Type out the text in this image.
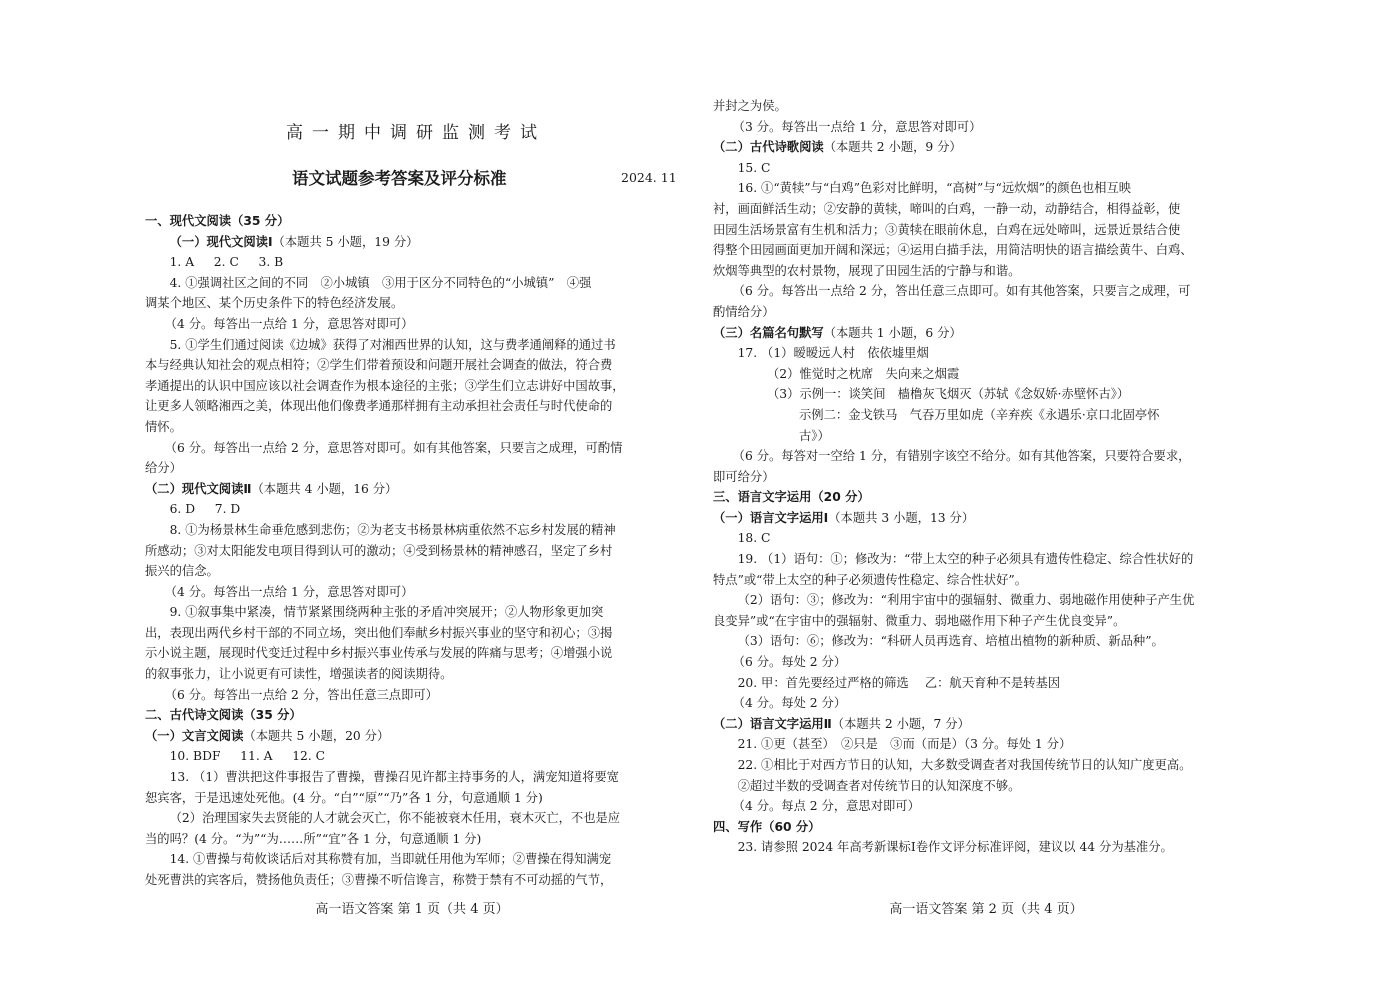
高一期中调研监测考试
语文试题参考答案及评分标准	2024. 11

一、现代文阅读（35 分）

（一）现代文阅读Ⅰ（本题共 5 小题，19 分）

1. A 2. C 3. B

4. ①强调社区之间的不同　②小城镇　③用于区分不同特色的“小城镇”　④强

调某个地区、某个历史条件下的特色经济发展。

（4 分。每答出一点给 1 分，意思答对即可）

5. ①学生们通过阅读《边城》获得了对湘西世界的认知，这与费孝通阐释的通过书

本与经典认知社会的观点相符；②学生们带着预设和问题开展社会调查的做法，符合费

孝通提出的认识中国应该以社会调查作为根本途径的主张；③学生们立志讲好中国故事，

让更多人领略湘西之美，体现出他们像费孝通那样拥有主动承担社会责任与时代使命的

情怀。

（6 分。每答出一点给 2 分，意思答对即可。如有其他答案，只要言之成理，可酌情

给分）

（二）现代文阅读Ⅱ（本题共 4 小题，16 分）

6. D 7. D

8. ①为杨景林生命垂危感到悲伤；②为老支书杨景林病重依然不忘乡村发展的精神

所感动；③对太阳能发电项目得到认可的激动；④受到杨景林的精神感召，坚定了乡村

振兴的信念。

（4 分。每答出一点给 1 分，意思答对即可）

9. ①叙事集中紧凑，情节紧紧围绕两种主张的矛盾冲突展开；②人物形象更加突

出，表现出两代乡村干部的不同立场，突出他们奉献乡村振兴事业的坚守和初心；③揭

示小说主题，展现时代变迁过程中乡村振兴事业传承与发展的阵痛与思考；④增强小说

的叙事张力，让小说更有可读性，增强读者的阅读期待。

（6 分。每答出一点给 2 分，答出任意三点即可）

二、古代诗文阅读（35 分）

（一）文言文阅读（本题共 5 小题，20 分）

10. BDF 11. A 12. C

13. （1）曹洪把这件事报告了曹操，曹操召见许都主持事务的人，满宠知道将要宽

恕宾客，于是迅速处死他。(4 分。“白”“原”“乃”各 1 分，句意通顺 1 分)

（2）治理国家失去贤能的人才就会灭亡，你不能被衰木任用，衰木灭亡，不也是应

当的吗？(4 分。“为”“为……所”“宜”各 1 分，句意通顺 1 分)

14. ①曹操与荀攸谈话后对其称赞有加，当即就任用他为军师；②曹操在得知满宠

处死曹洪的宾客后，赞扬他负责任；③曹操不听信谗言，称赞于禁有不可动摇的气节，

并封之为侯。

（3 分。每答出一点给 1 分，意思答对即可）

（二）古代诗歌阅读（本题共 2 小题，9 分）

15. C

16. ①“黄犊”与“白鸡”色彩对比鲜明，“高树”与“远炊烟”的颜色也相互映

衬，画面鲜活生动；②安静的黄犊，啼叫的白鸡，一静一动，动静结合，相得益彰，使

田园生活场景富有生机和活力；③黄犊在眼前休息，白鸡在远处啼叫，远景近景结合使

得整个田园画面更加开阔和深远；④运用白描手法，用简洁明快的语言描绘黄牛、白鸡、

炊烟等典型的农村景物，展现了田园生活的宁静与和谐。

（6 分。每答出一点给 2 分，答出任意三点即可。如有其他答案，只要言之成理，可

酌情给分）

（三）名篇名句默写（本题共 1 小题，6 分）

17. （1）暧暧远人村　依依墟里烟

（2）惟觉时之枕席　失向来之烟霞

（3）示例一：谈笑间　樯橹灰飞烟灭（苏轼《念奴娇·赤壁怀古》）

示例二：金戈铁马　气吞万里如虎（辛弃疾《永遇乐·京口北固亭怀

古》）

（6 分。每答对一空给 1 分，有错别字该空不给分。如有其他答案，只要符合要求，

即可给分）

三、语言文字运用（20 分）

（一）语言文字运用Ⅰ（本题共 3 小题，13 分）

18. C

19. （1）语句：①；修改为：“带上太空的种子必须具有遗传性稳定、综合性状好的

特点”或“带上太空的种子必须遗传性稳定、综合性状好”。

（2）语句：③；修改为：“利用宇宙中的强辐射、微重力、弱地磁作用使种子产生优

良变异”或“在宇宙中的强辐射、微重力、弱地磁作用下种子产生优良变异”。

（3）语句：⑥；修改为：“科研人员再选育、培植出植物的新种质、新品种”。

（6 分。每处 2 分）

20. 甲：首先要经过严格的筛选　 乙：航天育种不是转基因

（4 分。每处 2 分）

（二）语言文字运用Ⅱ（本题共 2 小题，7 分）

21. ①更（甚至）　②只是　③而（而是）（3 分。每处 1 分）

22. ①相比于对西方节日的认知，大多数受调查者对我国传统节日的认知广度更高。

②超过半数的受调查者对传统节日的认知深度不够。

（4 分。每点 2 分，意思对即可）

四、写作（60 分）

23. 请参照 2024 年高考新课标Ⅰ卷作文评分标准评阅，建议以 44 分为基准分。

高一语文答案 第 1 页（共 4 页）	高一语文答案 第 2 页（共 4 页）
